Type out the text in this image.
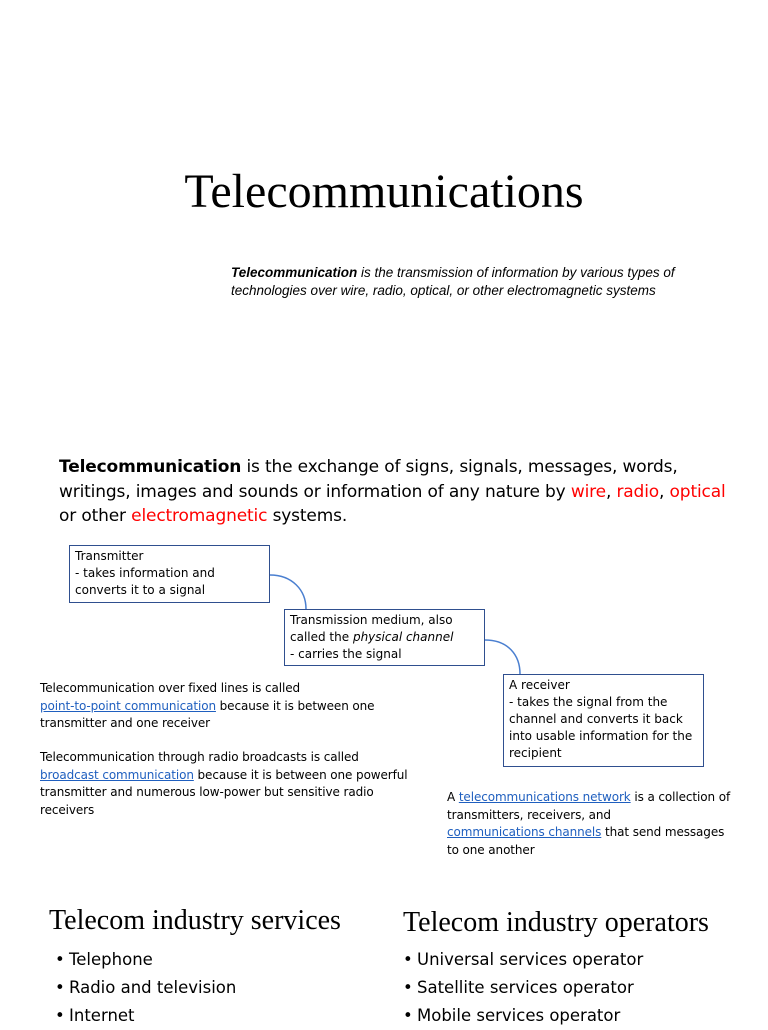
Telecommunications
Telecommunication is the transmission of information by various types of technologies over wire, radio, optical, or other electromagnetic systems
Telecommunication is the exchange of signs, signals, messages, words, writings, images and sounds or information of any nature by wire, radio, optical or other electromagnetic systems.
Transmitter
- takes information and
converts it to a signal
Transmission medium, also
called the physical channel
- carries the signal
A receiver
- takes the signal from the
channel and converts it back
into usable information for the
recipient
Telecommunication over fixed lines is called
point-to-point communication because it is between one
transmitter and one receiver
Telecommunication through radio broadcasts is called
broadcast communication because it is between one powerful
transmitter and numerous low-power but sensitive radio
receivers
A telecommunications network is a collection of
transmitters, receivers, and
communications channels that send messages
to one another
Telecom industry services
• Telephone
• Radio and television
• Internet
Telecom industry operators
• Universal services operator
• Satellite services operator
• Mobile services operator
